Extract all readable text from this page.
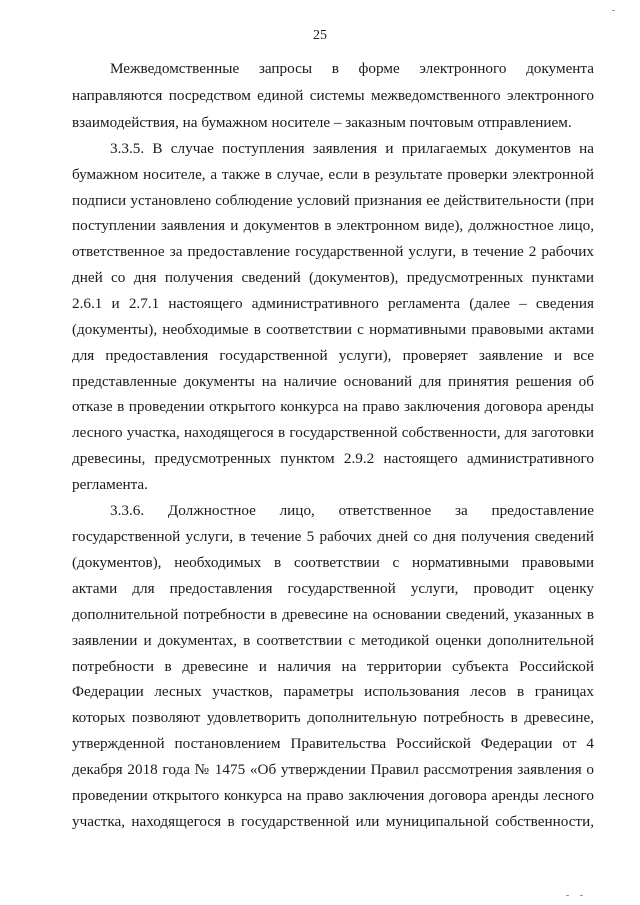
25
Межведомственные запросы в форме электронного документа
направляются посредством единой системы межведомственного электронного
взаимодействия, на бумажном носителе – заказным почтовым отправлением.
3.3.5. В случае поступления заявления и прилагаемых документов на
бумажном носителе, а также в случае, если в результате проверки электронной
подписи установлено соблюдение условий признания ее действительности (при
поступлении заявления и документов в электронном виде), должностное лицо,
ответственное за предоставление государственной услуги, в течение 2 рабочих
дней со дня получения сведений (документов), предусмотренных пунктами
2.6.1 и 2.7.1 настоящего административного регламента (далее – сведения
(документы), необходимые в соответствии с нормативными правовыми актами
для предоставления государственной услуги), проверяет заявление и все
представленные документы на наличие оснований для принятия решения об
отказе в проведении открытого конкурса на право заключения договора аренды
лесного участка, находящегося в государственной собственности, для заготовки
древесины, предусмотренных пунктом 2.9.2 настоящего административного
регламента.
3.3.6. Должностное лицо, ответственное за предоставление
государственной услуги, в течение 5 рабочих дней со дня получения сведений
(документов), необходимых в соответствии с нормативными правовыми
актами для предоставления государственной услуги, проводит оценку
дополнительной потребности в древесине на основании сведений, указанных в
заявлении и документах, в соответствии с методикой оценки дополнительной
потребности в древесине и наличия на территории субъекта Российской
Федерации лесных участков, параметры использования лесов в границах
которых позволяют удовлетворить дополнительную потребность в древесине,
утвержденной постановлением Правительства Российской Федерации от 4
декабря 2018 года № 1475 «Об утверждении Правил рассмотрения заявления о
проведении открытого конкурса на право заключения договора аренды лесного
участка, находящегося в государственной или муниципальной собственности,
